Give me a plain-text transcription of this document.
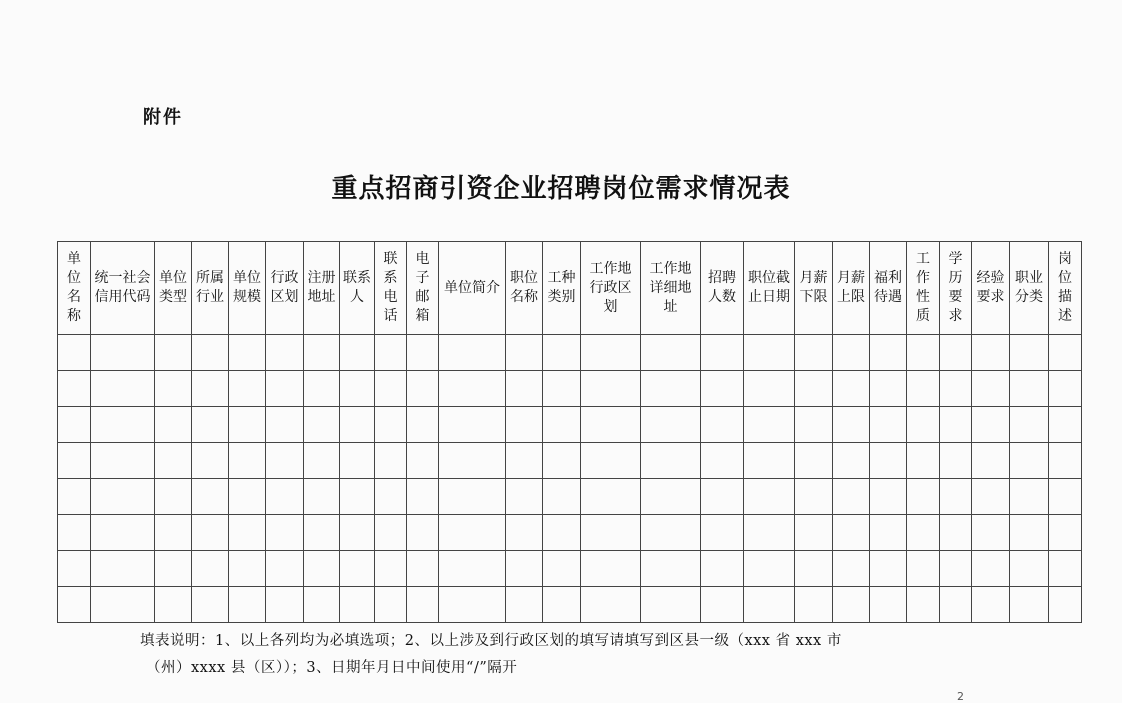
附件
重点招商引资企业招聘岗位需求情况表
单位名称	统一社会信用代码	单位类型	所属行业	单位规模	行政区划	注册地址	联系人	联系电话	电子邮箱	单位简介	职位名称	工种类别	工作地行政区划	工作地详细地址	招聘人数	职位截止日期	月薪下限	月薪上限	福利待遇	工作性质	学历要求	经验要求	职业分类	岗位描述

填表说明：1、以上各列均为必填选项；2、以上涉及到行政区划的填写请填写到区县一级（xxx 省 xxx 市
（州）xxxx 县（区））；3、日期年月日中间使用“/”隔开
2
